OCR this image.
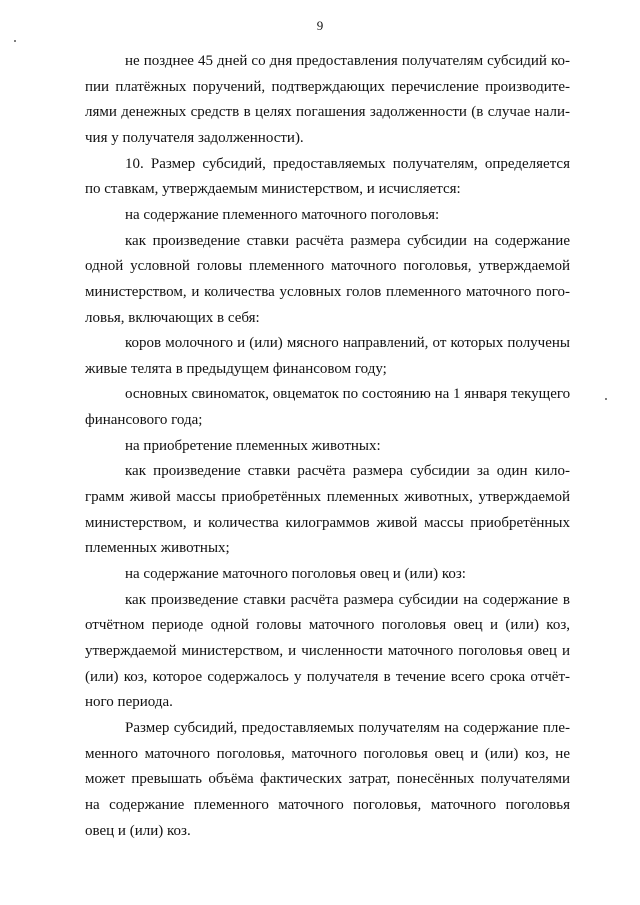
9
не позднее 45 дней со дня предоставления получателям субсидий ко-
пии платёжных поручений, подтверждающих перечисление производите-
лями денежных средств в целях погашения задолженности (в случае нали-
чия у получателя задолженности).
10. Размер субсидий, предоставляемых получателям, определяется
по ставкам, утверждаемым министерством, и исчисляется:
на содержание племенного маточного поголовья:
как произведение ставки расчёта размера субсидии на содержание
одной условной головы племенного маточного поголовья, утверждаемой
министерством, и количества условных голов племенного маточного пого-
ловья, включающих в себя:
коров молочного и (или) мясного направлений, от которых получены
живые телята в предыдущем финансовом году;
основных свиноматок, овцематок по состоянию на 1 января текущего
финансового года;
на приобретение племенных животных:
как произведение ставки расчёта размера субсидии за один кило-
грамм живой массы приобретённых племенных животных, утверждаемой
министерством, и количества килограммов живой массы приобретённых
племенных животных;
на содержание маточного поголовья овец и (или) коз:
как произведение ставки расчёта размера субсидии на содержание в
отчётном периоде одной головы маточного поголовья овец и (или) коз,
утверждаемой министерством, и численности маточного поголовья овец и
(или) коз, которое содержалось у получателя в течение всего срока отчёт-
ного периода.
Размер субсидий, предоставляемых получателям на содержание пле-
менного маточного поголовья, маточного поголовья овец и (или) коз, не
может превышать объёма фактических затрат, понесённых получателями
на содержание племенного маточного поголовья, маточного поголовья
овец и (или) коз.
